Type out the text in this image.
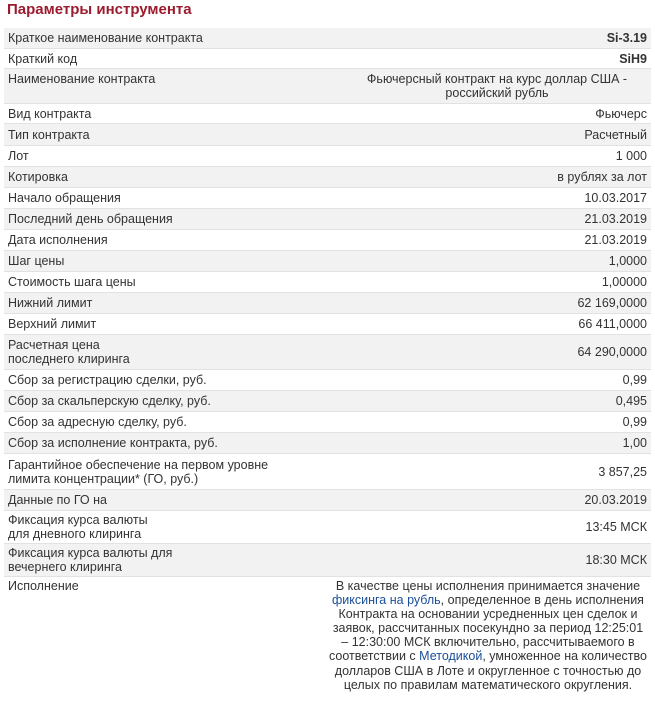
Параметры инструмента
Краткое наименование контракта	Si-3.19
Краткий код	SiH9
Наименование контракта	Фьючерсный контракт на курс доллар США - российский рубль
Вид контракта	Фьючерс
Тип контракта	Расчетный
Лот	1 000
Котировка	в рублях за лот
Начало обращения	10.03.2017
Последний день обращения	21.03.2019
Дата исполнения	21.03.2019
Шаг цены	1,0000
Стоимость шага цены	1,00000
Нижний лимит	62 169,0000
Верхний лимит	66 411,0000
Расчетная цена последнего клиринга	64 290,0000
Сбор за регистрацию сделки, руб.	0,99
Сбор за скальперскую сделку, руб.	0,495
Сбор за адресную сделку, руб.	0,99
Сбор за исполнение контракта, руб.	1,00
Гарантийное обеспечение на первом уровне лимита концентрации* (ГО, руб.)	3 857,25
Данные по ГО на	20.03.2019
Фиксация курса валюты для дневного клиринга	13:45 МСК
Фиксация курса валюты для вечернего клиринга	18:30 МСК
Исполнение	В качестве цены исполнения принимается значение фиксинга на рубль, определенное в день исполнения Контракта на основании усредненных цен сделок и заявок, рассчитанных посекундно за период 12:25:01 – 12:30:00 МСК включительно, рассчитываемого в соответствии с Методикой, умноженное на количество долларов США в Лоте и округленное с точностью до целых по правилам математического округления.
